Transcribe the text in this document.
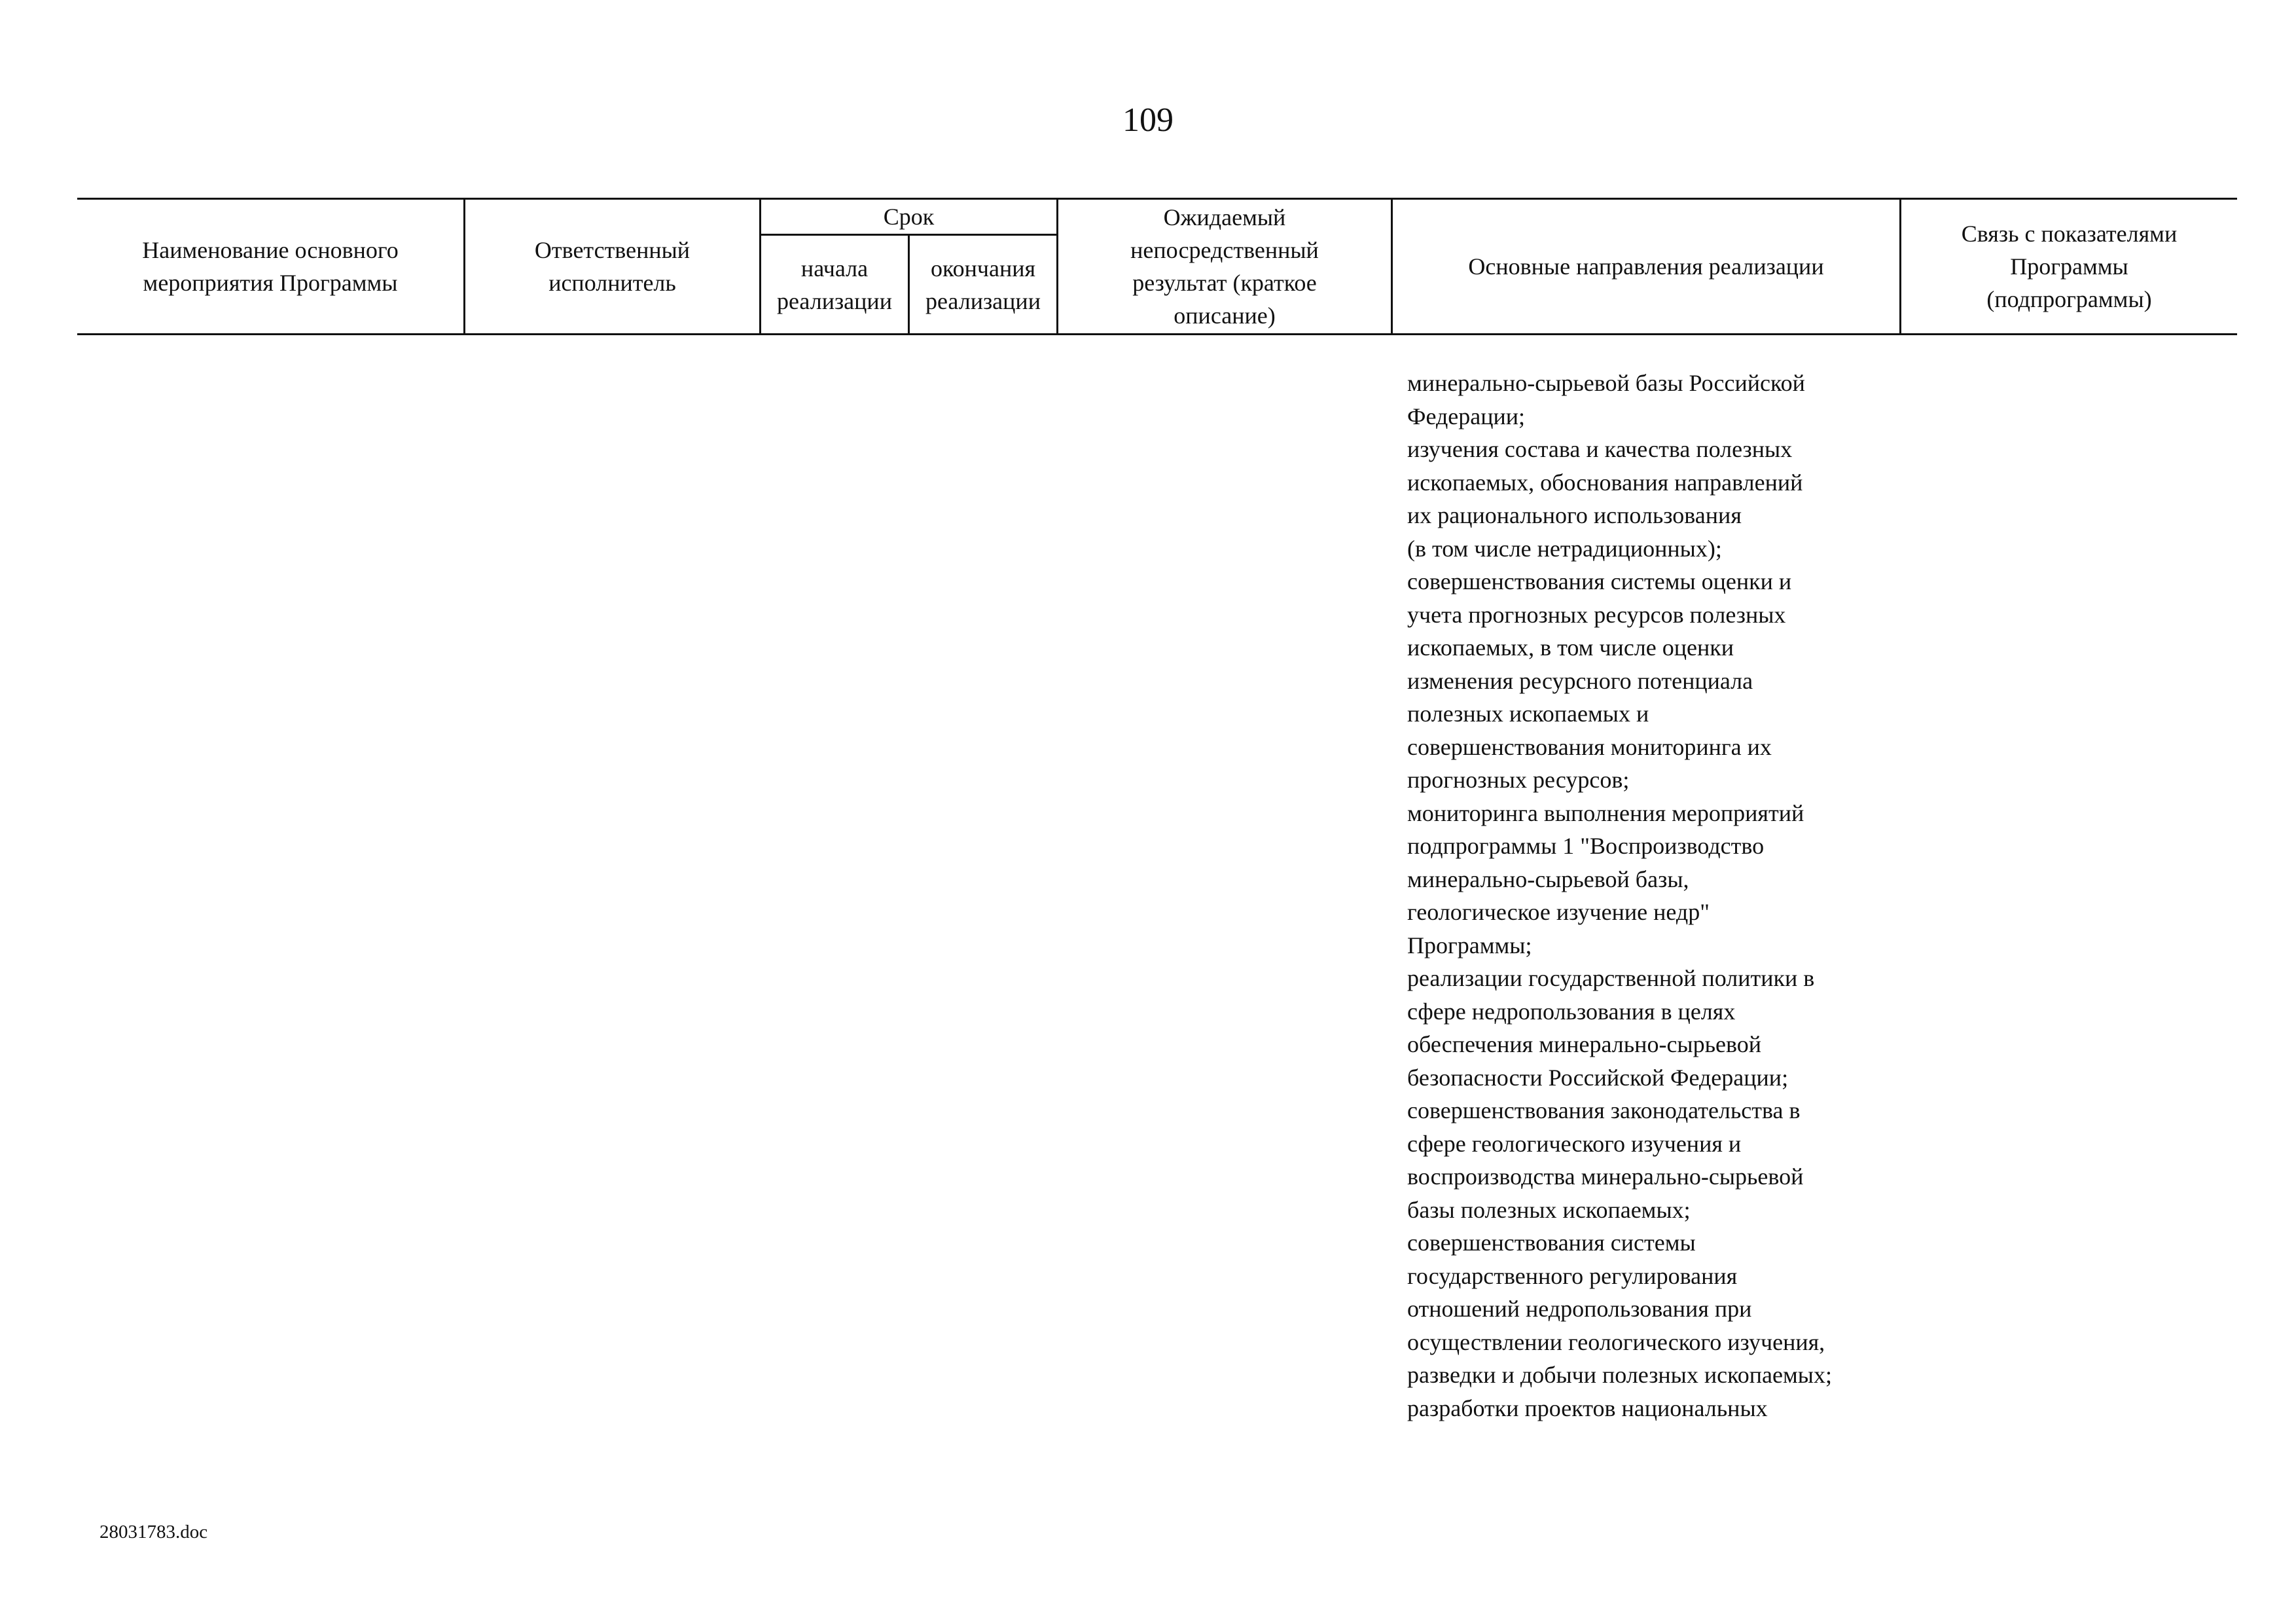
109
Наименование основного мероприятия Программы
Ответственный исполнитель
Срок
начала реализации
окончания реализации
Ожидаемый непосредственный результат (краткое описание)
Основные направления реализации
Связь с показателями Программы (подпрограммы)
минерально-сырьевой базы Российской
Федерации;
изучения состава и качества полезных
ископаемых, обоснования направлений
их рационального использования
(в том числе нетрадиционных);
совершенствования системы оценки и
учета прогнозных ресурсов полезных
ископаемых, в том числе оценки
изменения ресурсного потенциала
полезных ископаемых и
совершенствования мониторинга их
прогнозных ресурсов;
мониторинга выполнения мероприятий
подпрограммы 1 "Воспроизводство
минерально-сырьевой базы,
геологическое изучение недр"
Программы;
реализации государственной политики в
сфере недропользования в целях
обеспечения минерально-сырьевой
безопасности Российской Федерации;
совершенствования законодательства в
сфере геологического изучения и
воспроизводства минерально-сырьевой
базы полезных ископаемых;
совершенствования системы
государственного регулирования
отношений недропользования при
осуществлении геологического изучения,
разведки и добычи полезных ископаемых;
разработки проектов национальных
28031783.doc
